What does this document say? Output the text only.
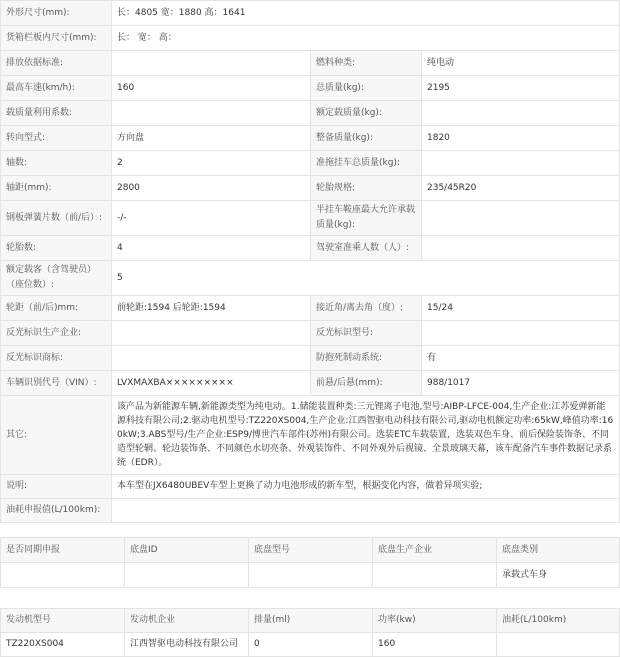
外形尺寸(mm):	长：4805 宽：1880 高：1641		
货箱栏板内尺寸(mm):	长： 宽： 高：		
排放依据标准:		燃料种类:	纯电动
最高车速(km/h):	160	总质量(kg):	2195
载质量利用系数:		额定载质量(kg):	
转向型式:	方向盘	整备质量(kg):	1820
轴数:	2	准拖挂车总质量(kg):	
轴距(mm):	2800	轮胎规格:	235/45R20
钢板弹簧片数（前/后）:	-/-	半挂车鞍座最大允许承载质量(kg):	
轮胎数:	4	驾驶室准乘人数（人）:	
额定载客（含驾驶员）（座位数）:	5		
轮距（前/后)mm:	前轮距:1594 后轮距:1594	接近角/离去角（度）:	15/24
反光标识生产企业:		反光标识型号:	
反光标识商标:		防抱死制动系统:	有
车辆识别代号（VIN）:	LVXMAXBA×××××××××	前悬/后悬(mm):	988/1017
其它:	该产品为新能源车辆,新能源类型为纯电动。1.储能装置种类:三元锂离子电池,型号:AIBP-LFCE-004,生产企业:江苏爱弹新能源科技有限公司;2.驱动电机型号:TZ220XS004,生产企业:江西智驱电动科技有限公司,驱动电机额定功率:65kW,峰值功率:160kW;3.ABS型号/生产企业:ESP9/博世汽车部件(苏州)有限公司。选装ETC车载装置，选装双色车身、前后保险装饰条、不同造型轮辋、轮边装饰条、不同颜色水切亮条、外观装饰件、不同外观外后视镜、全景玻璃天幕，该车配备汽车事件数据记录系统（EDR）。		
说明:	本车型在JX6480UBEV车型上更换了动力电池形成的新车型，根据变化内容，做着异项实验;		
油耗申报值(L/100km):			
是否同期申报	底盘ID	底盘型号	底盘生产企业	底盘类别
				承载式车身
发动机型号	发动机企业	排量(ml)	功率(kw)	油耗(L/100km)
TZ220XS004	江西智驱电动科技有限公司	0	160	
